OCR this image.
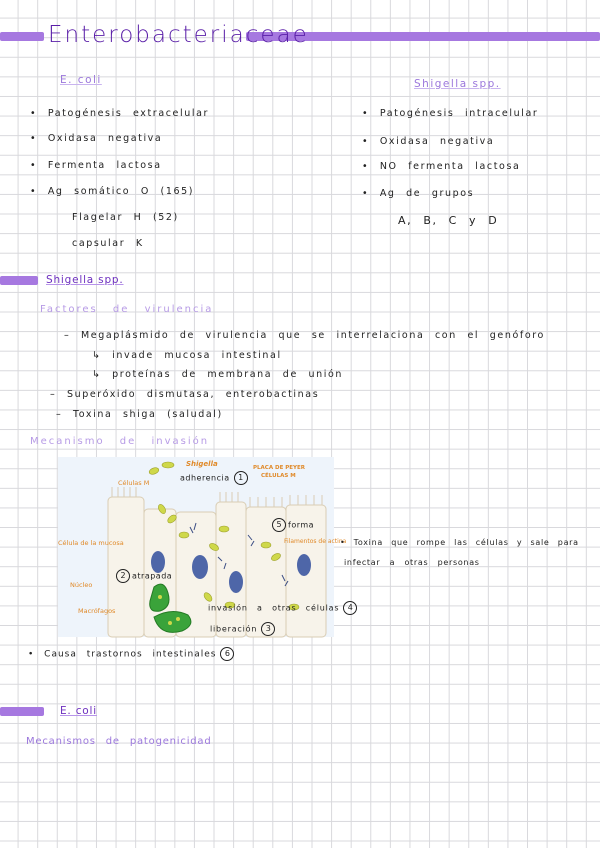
Enterobacteriaceae
E. coli
• Patogénesis extracelular
• Oxidasa negativa
• Fermenta lactosa
• Ag somático O (165)
Flagelar H (52)
capsular K
Shigella spp.
• Patogénesis intracelular
• Oxidasa negativa
• NO fermenta lactosa
• Ag de grupos
A, B, C y D
Shigella spp.
Factores de virulencia
– Megaplásmido de virulencia que se interrelaciona con el genóforo
↳ invade mucosa intestinal
↳ proteínas de membrana de unión
– Superóxido dismutasa, enterobactinas
– Toxina shiga (saludal)
Mecanismo de invasión
Shigella	PLACA DE PEYER
CÉLULAS M
Células M
Célula de la mucosa
Núcleo
Macrófagos
Filamentos de actina
adherencia 1
5 forma
2 atrapada
invasión a otras células 4
liberación 3
• Toxina que rompe las células y sale para
infectar a otras personas
• Causa trastornos intestinales 6
E. coli
Mecanismos de patogenicidad
